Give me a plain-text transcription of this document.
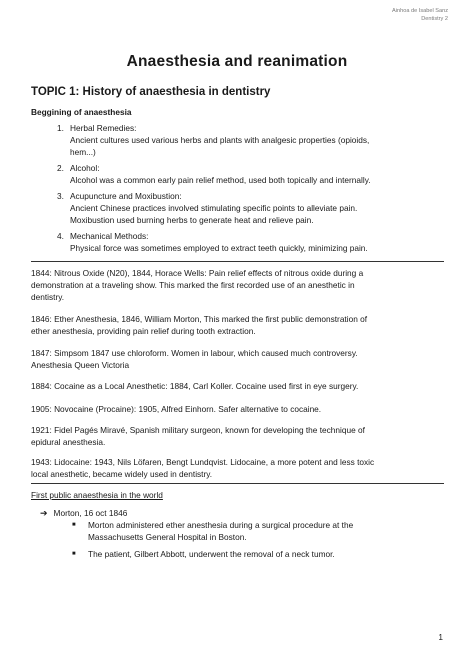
Ainhoa de Isabel Sanz
Dentistry 2
Anaesthesia and reanimation
TOPIC 1: History of anaesthesia in dentistry
Beggining of anaesthesia
1. Herbal Remedies:
Ancient cultures used various herbs and plants with analgesic properties (opioids,
hem...)
2. Alcohol:
Alcohol was a common early pain relief method, used both topically and internally.
3. Acupuncture and Moxibustion:
Ancient Chinese practices involved stimulating specific points to alleviate pain.
Moxibustion used burning herbs to generate heat and relieve pain.
4. Mechanical Methods:
Physical force was sometimes employed to extract teeth quickly, minimizing pain.
1844: Nitrous Oxide (N20), 1844, Horace Wells: Pain relief effects of nitrous oxide during a
demonstration at a traveling show. This marked the first recorded use of an anesthetic in
dentistry.
1846: Ether Anesthesia, 1846, William Morton, This marked the first public demonstration of
ether anesthesia, providing pain relief during tooth extraction.
1847: Simpsom 1847 use chloroform. Women in labour, which caused much controversy.
Anesthesia Queen Victoria
1884: Cocaine as a Local Anesthetic: 1884, Carl Koller. Cocaine used first in eye surgery.
1905: Novocaine (Procaine): 1905, Alfred Einhorn. Safer alternative to cocaine.
1921: Fidel Pagés Miravé, Spanish military surgeon, known for developing the technique of
epidural anesthesia.
1943: Lidocaine: 1943, Nils Löfaren, Bengt Lundqvist. Lidocaine, a more potent and less toxic
local anesthetic, became widely used in dentistry.
First public anaesthesia in the world
➔ Morton, 16 oct 1846
■ Morton administered ether anesthesia during a surgical procedure at the
Massachusetts General Hospital in Boston.
■ The patient, Gilbert Abbott, underwent the removal of a neck tumor.
1
